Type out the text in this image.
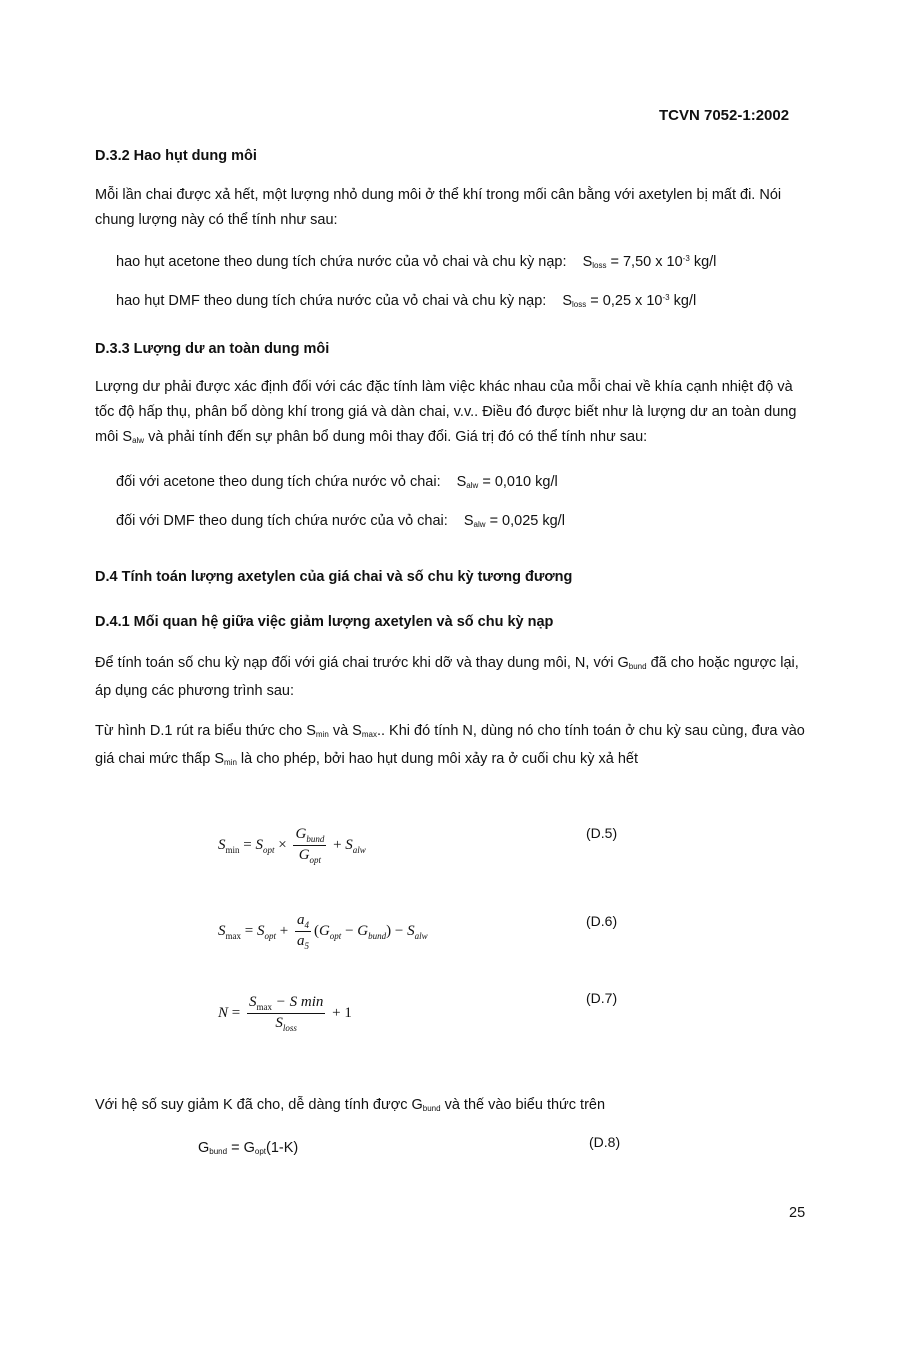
TCVN 7052-1:2002
D.3.2 Hao hụt dung môi
Mỗi lần chai được xả hết, một lượng nhỏ dung môi ở thể khí trong mối cân bằng với axetylen bị mất đi. Nói chung lượng này có thể tính như sau:
hao hụt acetone theo dung tích chứa nước của vỏ chai và chu kỳ nạp: $S_{loss} = 7,50$ x $10^{-3}$ kg/l
hao hụt DMF theo dung tích chứa nước của vỏ chai và chu kỳ nạp: $S_{loss} = 0,25$ x $10^{-3}$ kg/l
D.3.3 Lượng dư an toàn dung môi
Lượng dư phải được xác định đối với các đặc tính làm việc khác nhau của mỗi chai về khía cạnh nhiệt độ và tốc độ hấp thụ, phân bổ dòng khí trong giá và dàn chai, v.v.. Điều đó được biết như là lượng dư an toàn dung môi $S_{alw}$ và phải tính đến sự phân bổ dung môi thay đổi. Giá trị đó có thể tính như sau:
đối với acetone theo dung tích chứa nước vỏ chai: $S_{alw} = 0,010$ kg/l
đối với DMF theo dung tích chứa nước của vỏ chai: $S_{alw} = 0,025$ kg/l
D.4 Tính toán lượng axetylen của giá chai và số chu kỳ tương đương
D.4.1 Mối quan hệ giữa việc giảm lượng axetylen và số chu kỳ nạp
Để tính toán số chu kỳ nạp đối với giá chai trước khi dỡ và thay dung môi, N, với $G_{bund}$ đã cho hoặc ngược lại, áp dụng các phương trình sau:
Từ hình D.1 rút ra biểu thức cho $S_{min}$ và $S_{max}$.. Khi đó tính N, dùng nó cho tính toán ở chu kỳ sau cùng, đưa vào giá chai mức thấp $S_{min}$ là cho phép, bởi hao hụt dung môi xảy ra ở cuối chu kỳ xả hết
$S_{min} = S_{opt} \times \frac{G_{bund}}{G_{opt}} + S_{alw}$
(D.5)
$S_{max} = S_{opt} + \frac{a_4}{a_5} (G_{opt} - G_{bund}) - S_{alw}$
(D.6)
$N = \frac{S_{max} - S \min}{S_{loss}} + 1$
(D.7)
Với hệ số suy giảm K đã cho, dễ dàng tính được $G_{bund}$ và thế vào biểu thức trên
$G_{bund} = G_{opt}(1-K)$	(D.8)
25
